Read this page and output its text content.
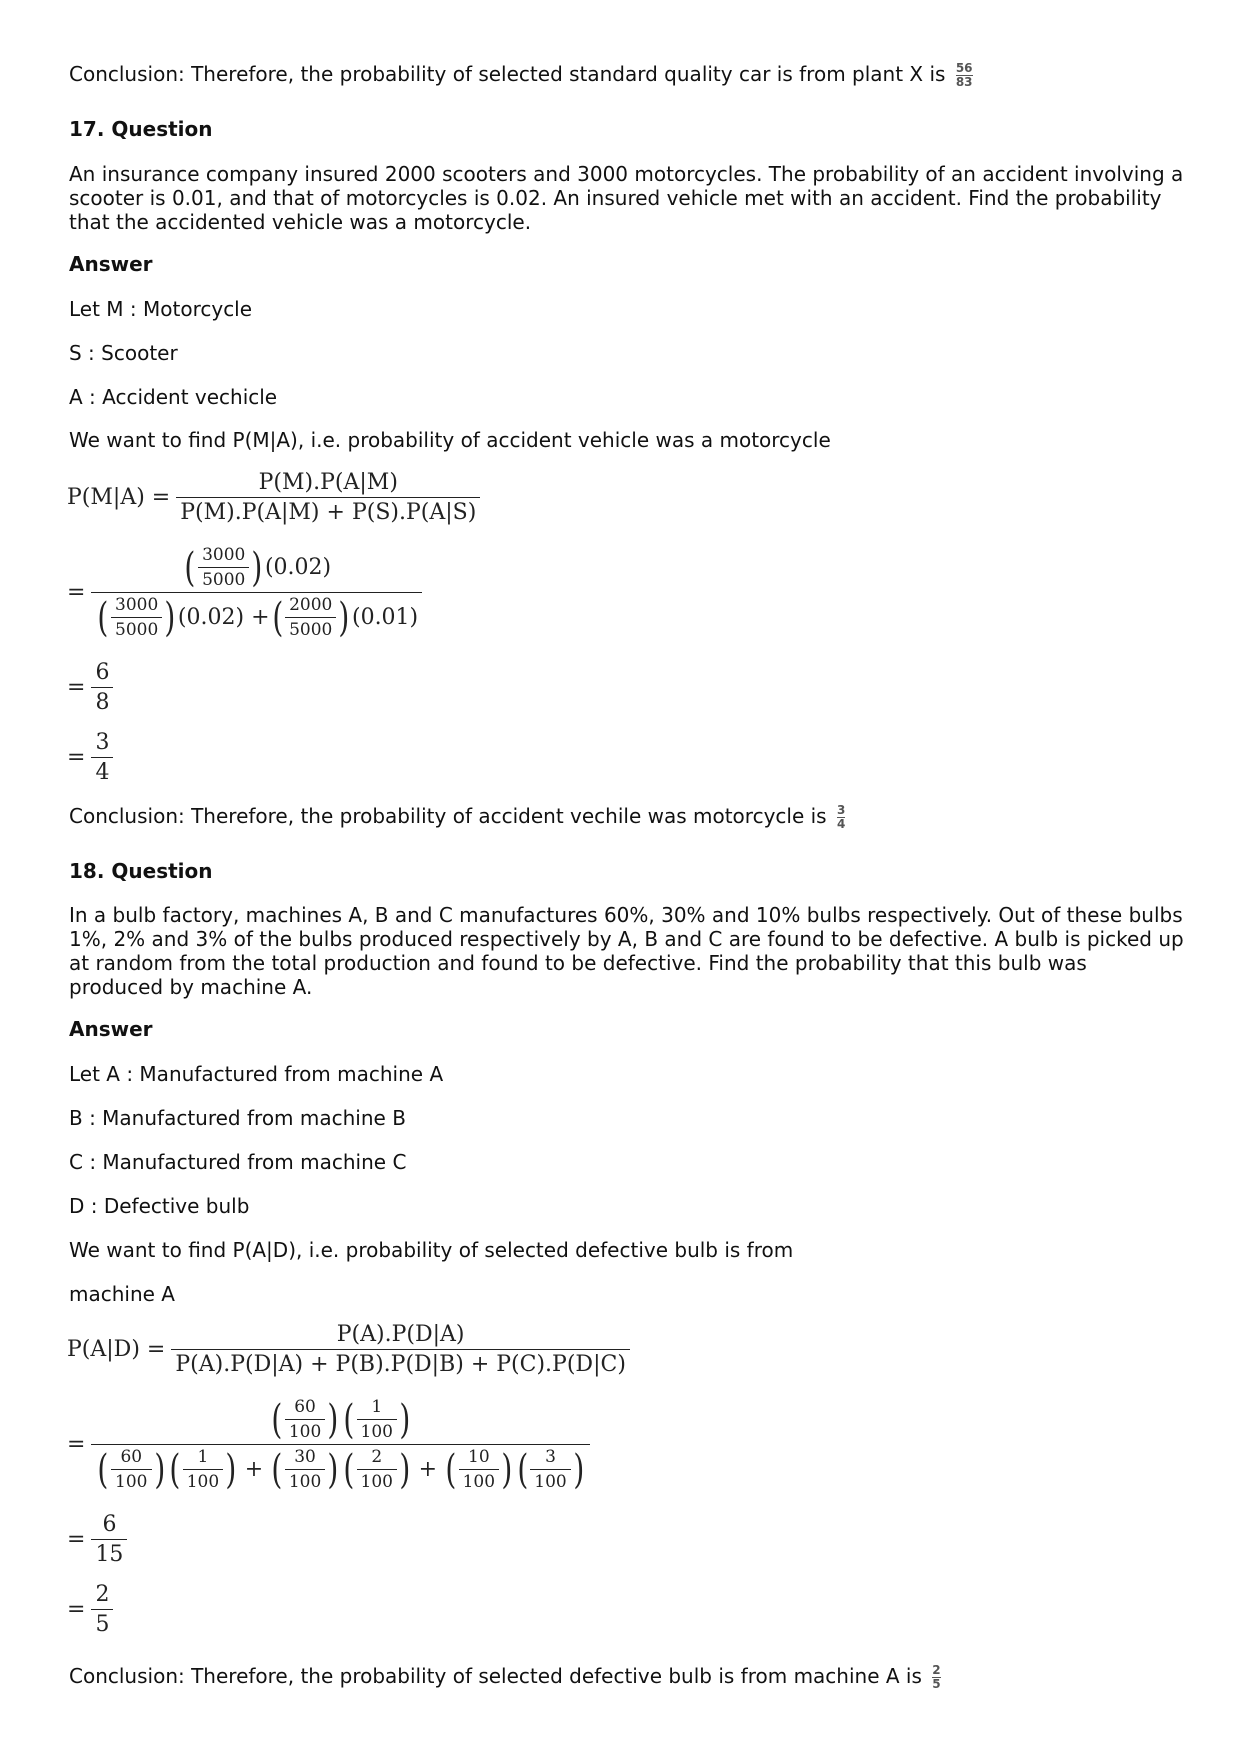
Conclusion: Therefore, the probability of selected standard quality car is from plant X is $\frac{56}{83}$

17. Question

An insurance company insured 2000 scooters and 3000 motorcycles. The probability of an accident involving a scooter is 0.01, and that of motorcycles is 0.02. An insured vehicle met with an accident. Find the probability that the accidented vehicle was a motorcycle.

Answer

Let M : Motorcycle

S : Scooter

A : Accident vechicle

We want to find P(M|A), i.e. probability of accident vehicle was a motorcycle

$P(M|A) = \frac{P(M).P(A|M)}{P(M).P(A|M) + P(S).P(A|S)}$
=
( $\frac{3000}{5000}$ ) (0.02)
( $\frac{3000}{5000}$ ) (0.02) + ( $\frac{2000}{5000}$ ) (0.01)
= $\frac{6}{8}$
= $\frac{3}{4}$

Conclusion: Therefore, the probability of accident vechile was motorcycle is $\frac{3}{4}$

18. Question

In a bulb factory, machines A, B and C manufactures 60%, 30% and 10% bulbs respectively. Out of these bulbs 1%, 2% and 3% of the bulbs produced respectively by A, B and C are found to be defective. A bulb is picked up at random from the total production and found to be defective. Find the probability that this bulb was produced by machine A.

Answer

Let A : Manufactured from machine A

B : Manufactured from machine B

C : Manufactured from machine C

D : Defective bulb

We want to find P(A|D), i.e. probability of selected defective bulb is from

machine A

$P(A|D) = \frac{P(A).P(D|A)}{P(A).P(D|A) + P(B).P(D|B) + P(C).P(D|C)}$
=
( $\frac{60}{100}$ ) ( $\frac{1}{100}$ )
( $\frac{60}{100}$ ) ( $\frac{1}{100}$ ) + ( $\frac{30}{100}$ ) ( $\frac{2}{100}$ ) + ( $\frac{10}{100}$ ) ( $\frac{3}{100}$ )
= $\frac{6}{15}$
= $\frac{2}{5}$

Conclusion: Therefore, the probability of selected defective bulb is from machine A is $\frac{2}{5}$
